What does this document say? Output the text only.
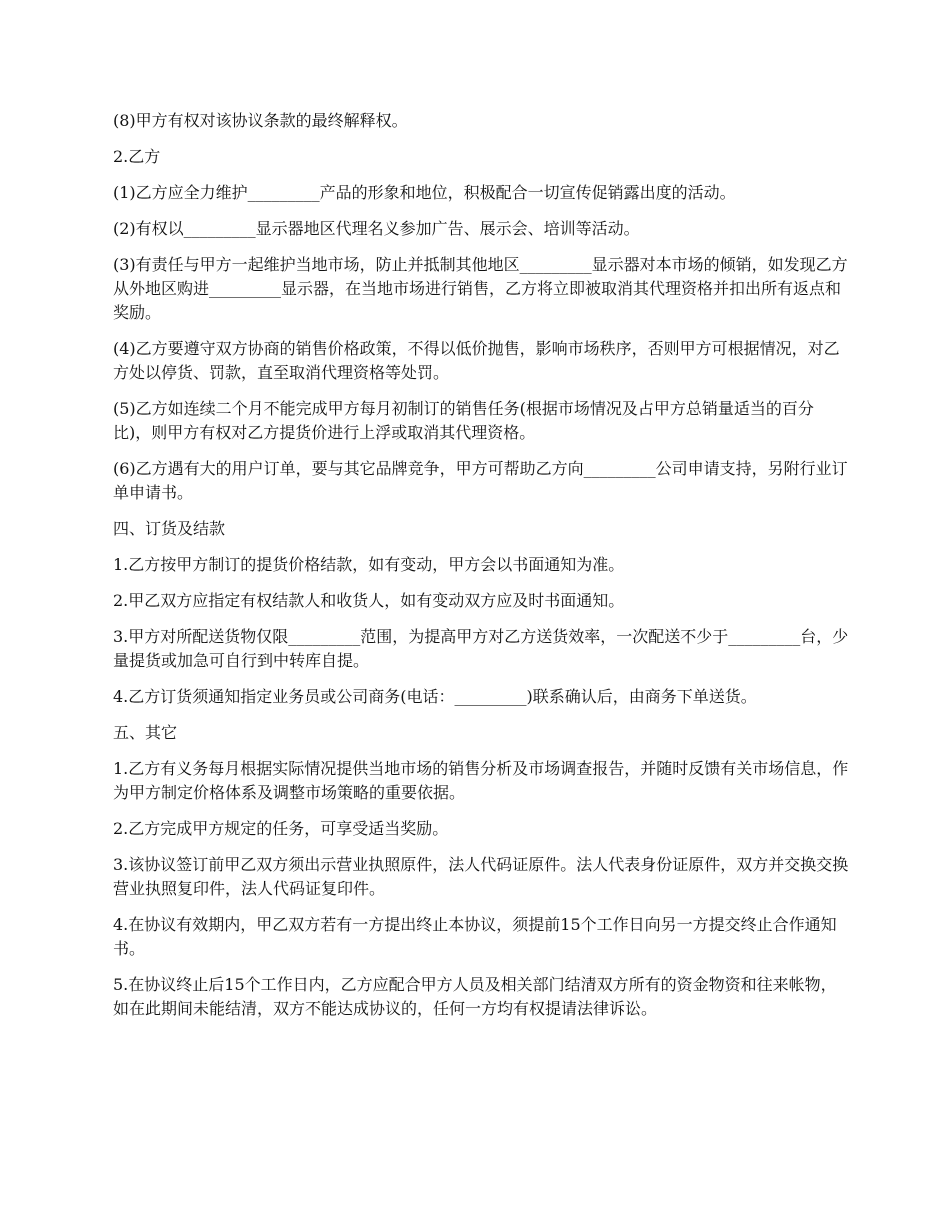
(8)甲方有权对该协议条款的最终解释权。

2.乙方

(1)乙方应全力维护_________产品的形象和地位，积极配合一切宣传促销露出度的活动。

(2)有权以_________显示器地区代理名义参加广告、展示会、培训等活动。

(3)有责任与甲方一起维护当地市场，防止并抵制其他地区_________显示器对本市场的倾销，如发现乙方从外地区购进_________显示器，在当地市场进行销售，乙方将立即被取消其代理资格并扣出所有返点和奖励。

(4)乙方要遵守双方协商的销售价格政策，不得以低价抛售，影响市场秩序，否则甲方可根据情况，对乙方处以停货、罚款，直至取消代理资格等处罚。

(5)乙方如连续二个月不能完成甲方每月初制订的销售任务(根据市场情况及占甲方总销量适当的百分比)，则甲方有权对乙方提货价进行上浮或取消其代理资格。

(6)乙方遇有大的用户订单，要与其它品牌竞争，甲方可帮助乙方向_________公司申请支持，另附行业订单申请书。

四、订货及结款

1.乙方按甲方制订的提货价格结款，如有变动，甲方会以书面通知为准。

2.甲乙双方应指定有权结款人和收货人，如有变动双方应及时书面通知。

3.甲方对所配送货物仅限_________范围，为提高甲方对乙方送货效率，一次配送不少于_________台，少量提货或加急可自行到中转库自提。

4.乙方订货须通知指定业务员或公司商务(电话：_________)联系确认后，由商务下单送货。

五、其它

1.乙方有义务每月根据实际情况提供当地市场的销售分析及市场调查报告，并随时反馈有关市场信息，作为甲方制定价格体系及调整市场策略的重要依据。

2.乙方完成甲方规定的任务，可享受适当奖励。

3.该协议签订前甲乙双方须出示营业执照原件，法人代码证原件。法人代表身份证原件，双方并交换交换营业执照复印件，法人代码证复印件。

4.在协议有效期内，甲乙双方若有一方提出终止本协议，须提前15个工作日向另一方提交终止合作通知书。

5.在协议终止后15个工作日内，乙方应配合甲方人员及相关部门结清双方所有的资金物资和往来帐物，如在此期间未能结清，双方不能达成协议的，任何一方均有权提请法律诉讼。
